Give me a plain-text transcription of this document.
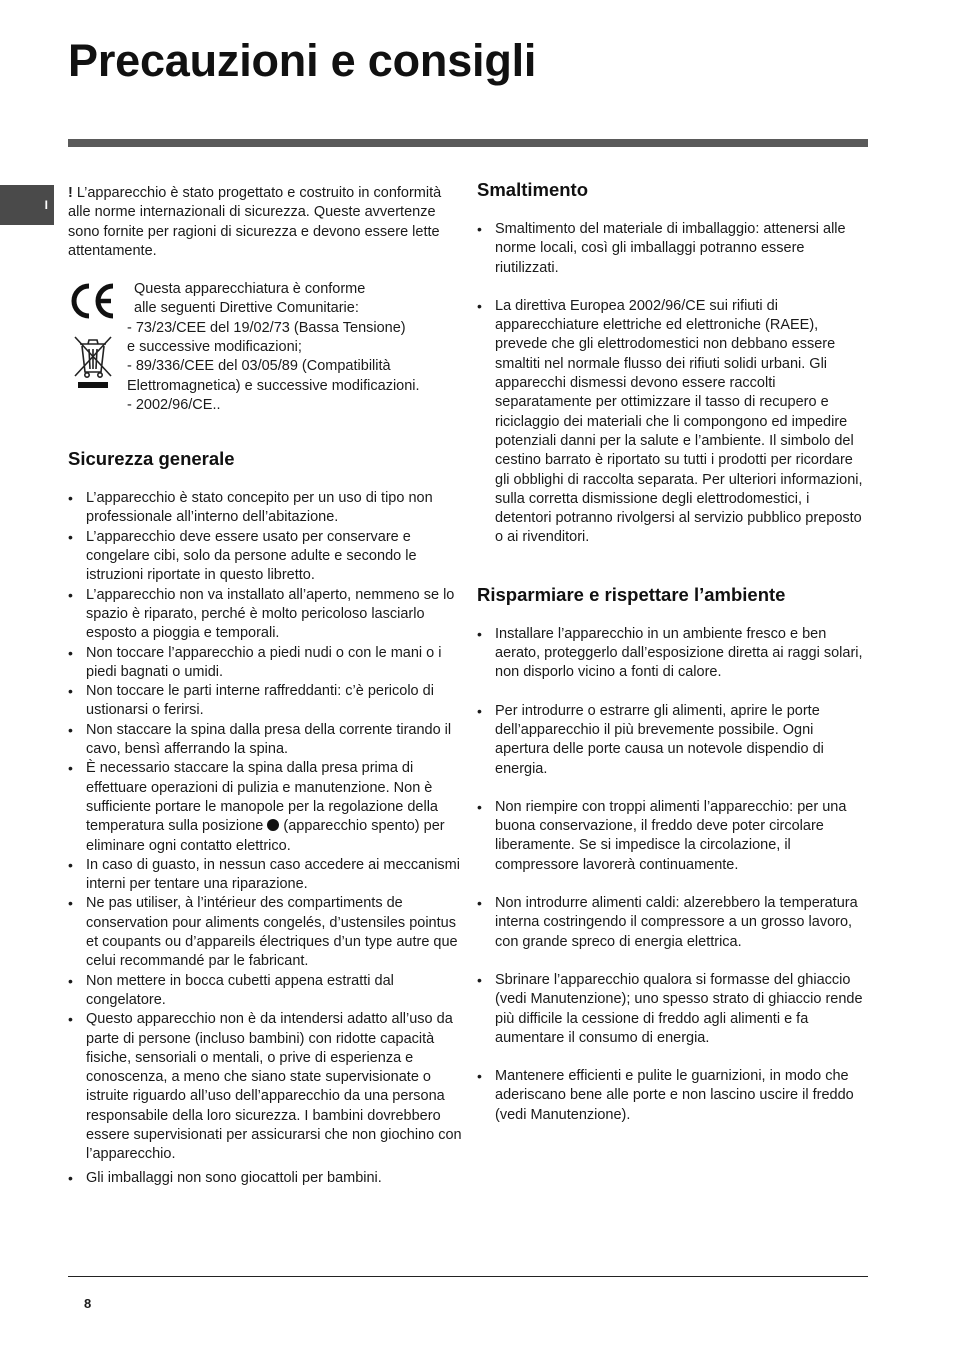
Precauzioni e consigli
I

! L’apparecchio è stato progettato e costruito in conformità alle norme internazionali di sicurezza. Queste avvertenze sono fornite per ragioni di sicurezza e devono essere lette attentamente.

Questa apparecchiatura è conforme
alle seguenti Direttive Comunitarie:
- 73/23/CEE del 19/02/73 (Bassa Tensione)
e successive modificazioni;
- 89/336/CEE del 03/05/89 (Compatibilità
Elettromagnetica) e successive modificazioni.
- 2002/96/CE..
Sicurezza generale
• L’apparecchio è stato concepito per un uso di tipo non professionale all’interno dell’abitazione.
• L’apparecchio deve essere usato per conservare e congelare cibi, solo da persone adulte e secondo le istruzioni riportate in questo libretto.
• L’apparecchio non va installato all’aperto, nemmeno se lo spazio è riparato, perché è molto pericoloso lasciarlo esposto a pioggia e temporali.
• Non toccare l’apparecchio a piedi nudi o con le mani o i piedi bagnati o umidi.
• Non toccare le parti interne raffreddanti: c’è pericolo di ustionarsi o ferirsi.
• Non staccare la spina dalla presa della corrente tirando il cavo, bensì afferrando la spina.
• È necessario staccare la spina dalla presa prima di effettuare operazioni di pulizia e manutenzione. Non è sufficiente portare le manopole per la regolazione della temperatura sulla posizione  (apparecchio spento) per eliminare ogni contatto elettrico.
• In caso di guasto, in nessun caso accedere ai meccanismi interni per tentare una riparazione.
• Ne pas utiliser, à l’intérieur des compartiments de conservation pour aliments congelés, d’ustensiles pointus et coupants ou d’appareils électriques d’un type autre que celui recommandé par le fabricant.
• Non mettere in bocca cubetti appena estratti dal congelatore.
• Questo apparecchio non è da intendersi adatto all’uso da parte di persone (incluso bambini) con ridotte capacità fisiche, sensoriali o mentali, o prive di esperienza e conoscenza, a meno che siano state supervisionate o istruite riguardo all’uso dell’apparecchio da una persona responsabile della loro sicurezza. I bambini dovrebbero essere supervisionati per assicurarsi che non giochino con l’apparecchio.
• Gli imballaggi non sono giocattoli per bambini.
Smaltimento
• Smaltimento del materiale di imballaggio: attenersi alle norme locali, così gli imballaggi potranno essere riutilizzati.
• La direttiva Europea 2002/96/CE sui rifiuti di apparecchiature elettriche ed elettroniche (RAEE), prevede che gli elettrodomestici non debbano essere smaltiti nel normale flusso dei rifiuti solidi urbani. Gli apparecchi dismessi devono essere raccolti separatamente per ottimizzare il tasso di recupero e riciclaggio dei materiali che li compongono ed impedire potenziali danni per la salute e l’ambiente. Il simbolo del cestino barrato è riportato su tutti i prodotti per ricordare gli obblighi di raccolta separata. Per ulteriori informazioni, sulla corretta dismissione degli elettrodomestici, i detentori potranno rivolgersi al servizio pubblico preposto o ai rivenditori.
Risparmiare e rispettare l’ambiente
• Installare l’apparecchio in un ambiente fresco e ben aerato, proteggerlo dall’esposizione diretta ai raggi solari, non disporlo vicino a fonti di calore.
• Per introdurre o estrarre gli alimenti, aprire le porte dell’apparecchio il più brevemente possibile. Ogni apertura delle porte causa un notevole dispendio di energia.
• Non riempire con troppi alimenti l’apparecchio: per una buona conservazione, il freddo deve poter circolare liberamente. Se si impedisce la circolazione, il compressore lavorerà continuamente.
• Non introdurre alimenti caldi: alzerebbero la temperatura interna costringendo il compressore a un grosso lavoro, con grande spreco di energia elettrica.
• Sbrinare l’apparecchio qualora si formasse del ghiaccio (vedi Manutenzione); uno spesso strato di ghiaccio rende più difficile la cessione di freddo agli alimenti e fa aumentare il consumo di energia.
• Mantenere efficienti e pulite le guarnizioni, in modo che aderiscano bene alle porte e non lascino uscire il freddo (vedi Manutenzione).
8
